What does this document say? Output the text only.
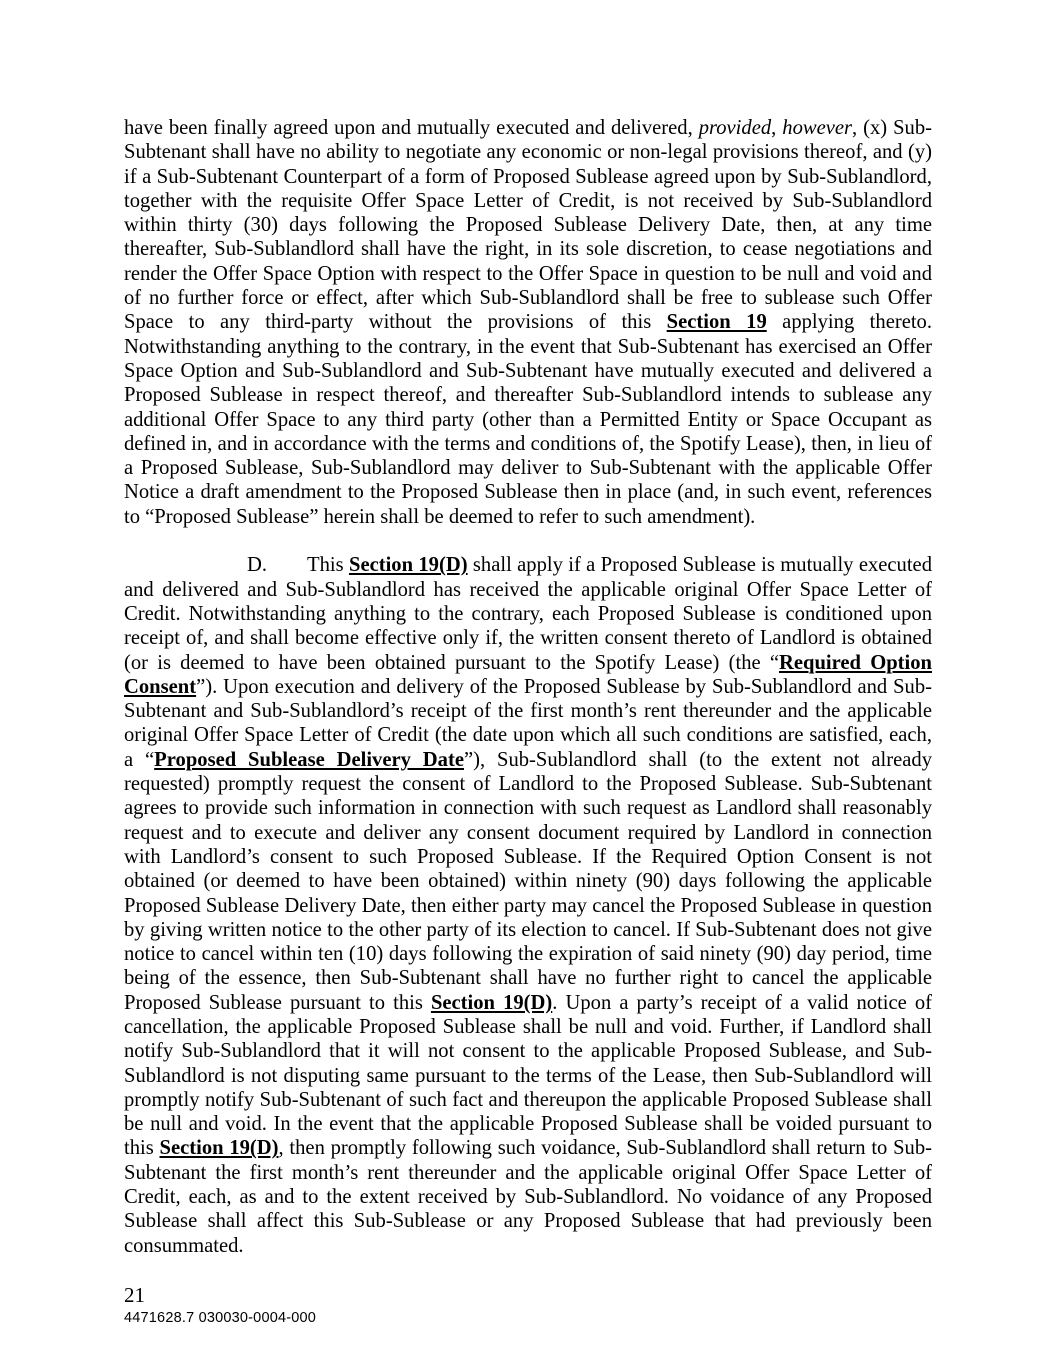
have been finally agreed upon and mutually executed and delivered, provided, however, (x) Sub-Subtenant shall have no ability to negotiate any economic or non-legal provisions thereof, and (y) if a Sub-Subtenant Counterpart of a form of Proposed Sublease agreed upon by Sub-Sublandlord, together with the requisite Offer Space Letter of Credit, is not received by Sub-Sublandlord within thirty (30) days following the Proposed Sublease Delivery Date, then, at any time thereafter, Sub-Sublandlord shall have the right, in its sole discretion, to cease negotiations and render the Offer Space Option with respect to the Offer Space in question to be null and void and of no further force or effect, after which Sub-Sublandlord shall be free to sublease such Offer Space to any third-party without the provisions of this Section 19 applying thereto. Notwithstanding anything to the contrary, in the event that Sub-Subtenant has exercised an Offer Space Option and Sub-Sublandlord and Sub-Subtenant have mutually executed and delivered a Proposed Sublease in respect thereof, and thereafter Sub-Sublandlord intends to sublease any additional Offer Space to any third party (other than a Permitted Entity or Space Occupant as defined in, and in accordance with the terms and conditions of, the Spotify Lease), then, in lieu of a Proposed Sublease, Sub-Sublandlord may deliver to Sub-Subtenant with the applicable Offer Notice a draft amendment to the Proposed Sublease then in place (and, in such event, references to “Proposed Sublease” herein shall be deemed to refer to such amendment).

D. This Section 19(D) shall apply if a Proposed Sublease is mutually executed and delivered and Sub-Sublandlord has received the applicable original Offer Space Letter of Credit. Notwithstanding anything to the contrary, each Proposed Sublease is conditioned upon receipt of, and shall become effective only if, the written consent thereto of Landlord is obtained (or is deemed to have been obtained pursuant to the Spotify Lease) (the “Required Option Consent”). Upon execution and delivery of the Proposed Sublease by Sub-Sublandlord and Sub-Subtenant and Sub-Sublandlord’s receipt of the first month’s rent thereunder and the applicable original Offer Space Letter of Credit (the date upon which all such conditions are satisfied, each, a “Proposed Sublease Delivery Date”), Sub-Sublandlord shall (to the extent not already requested) promptly request the consent of Landlord to the Proposed Sublease. Sub-Subtenant agrees to provide such information in connection with such request as Landlord shall reasonably request and to execute and deliver any consent document required by Landlord in connection with Landlord’s consent to such Proposed Sublease. If the Required Option Consent is not obtained (or deemed to have been obtained) within ninety (90) days following the applicable Proposed Sublease Delivery Date, then either party may cancel the Proposed Sublease in question by giving written notice to the other party of its election to cancel. If Sub-Subtenant does not give notice to cancel within ten (10) days following the expiration of said ninety (90) day period, time being of the essence, then Sub-Subtenant shall have no further right to cancel the applicable Proposed Sublease pursuant to this Section 19(D). Upon a party’s receipt of a valid notice of cancellation, the applicable Proposed Sublease shall be null and void. Further, if Landlord shall notify Sub-Sublandlord that it will not consent to the applicable Proposed Sublease, and Sub-Sublandlord is not disputing same pursuant to the terms of the Lease, then Sub-Sublandlord will promptly notify Sub-Subtenant of such fact and thereupon the applicable Proposed Sublease shall be null and void. In the event that the applicable Proposed Sublease shall be voided pursuant to this Section 19(D), then promptly following such voidance, Sub-Sublandlord shall return to Sub-Subtenant the first month’s rent thereunder and the applicable original Offer Space Letter of Credit, each, as and to the extent received by Sub-Sublandlord. No voidance of any Proposed Sublease shall affect this Sub-Sublease or any Proposed Sublease that had previously been consummated.

21
4471628.7 030030-0004-000
